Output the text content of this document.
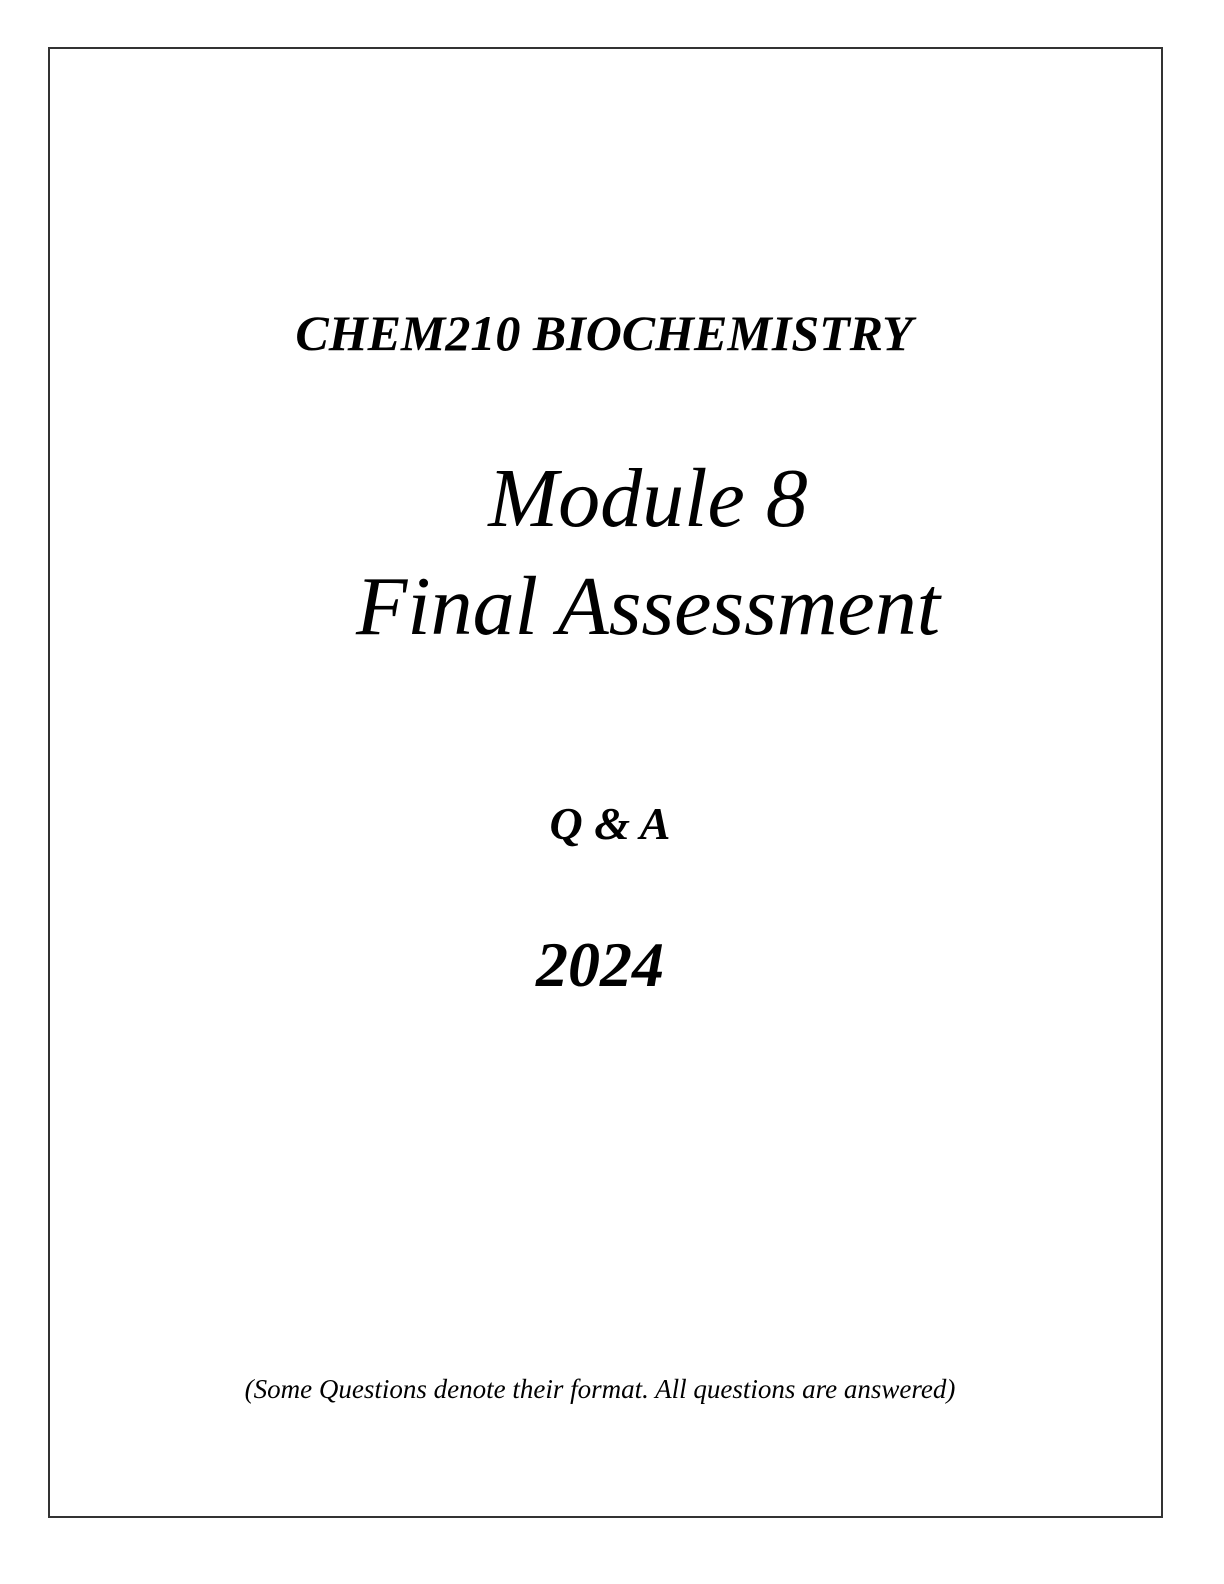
CHEM210 BIOCHEMISTRY
Module 8
Final Assessment
Q & A
2024
(Some Questions denote their format. All questions are answered)
